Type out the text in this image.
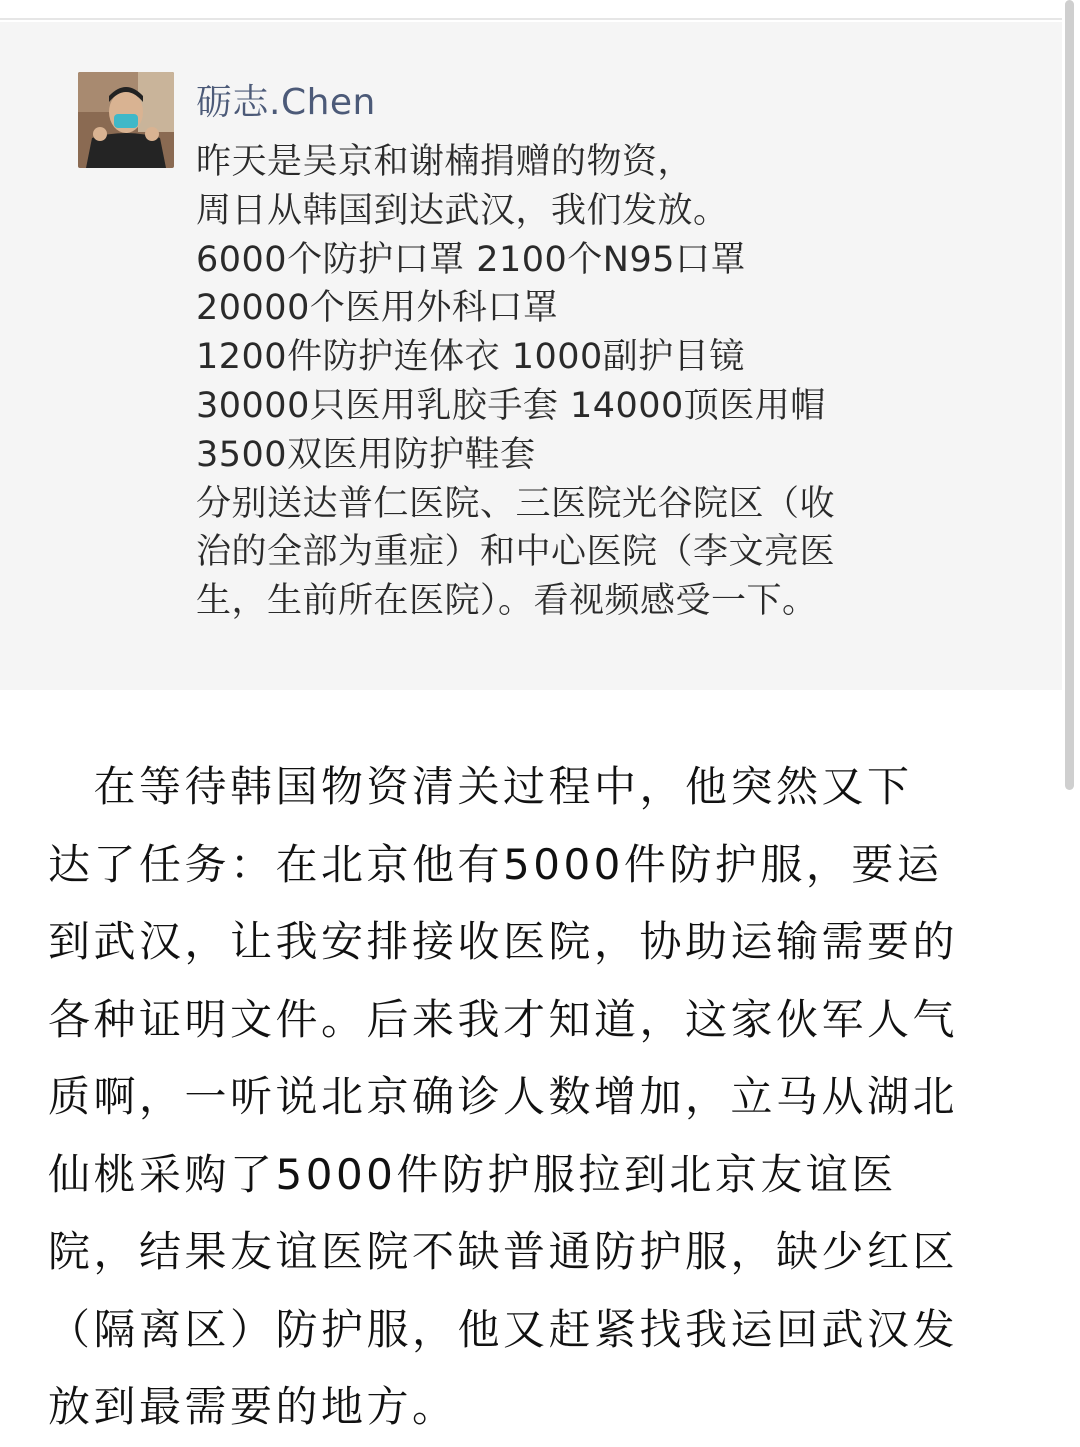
砺志.Chen
昨天是吴京和谢楠捐赠的物资，
周日从韩国到达武汉，我们发放。
6000个防护口罩 2100个N95口罩
20000个医用外科口罩
1200件防护连体衣 1000副护目镜
30000只医用乳胶手套 14000顶医用帽
3500双医用防护鞋套
分别送达普仁医院、三医院光谷院区（收
治的全部为重症）和中心医院（李文亮医
生，生前所在医院）。看视频感受一下。
　在等待韩国物资清关过程中，他突然又下
达了任务：在北京他有5000件防护服，要运
到武汉，让我安排接收医院，协助运输需要的
各种证明文件。后来我才知道，这家伙军人气
质啊，一听说北京确诊人数增加，立马从湖北
仙桃采购了5000件防护服拉到北京友谊医
院，结果友谊医院不缺普通防护服，缺少红区
（隔离区）防护服，他又赶紧找我运回武汉发
放到最需要的地方。
